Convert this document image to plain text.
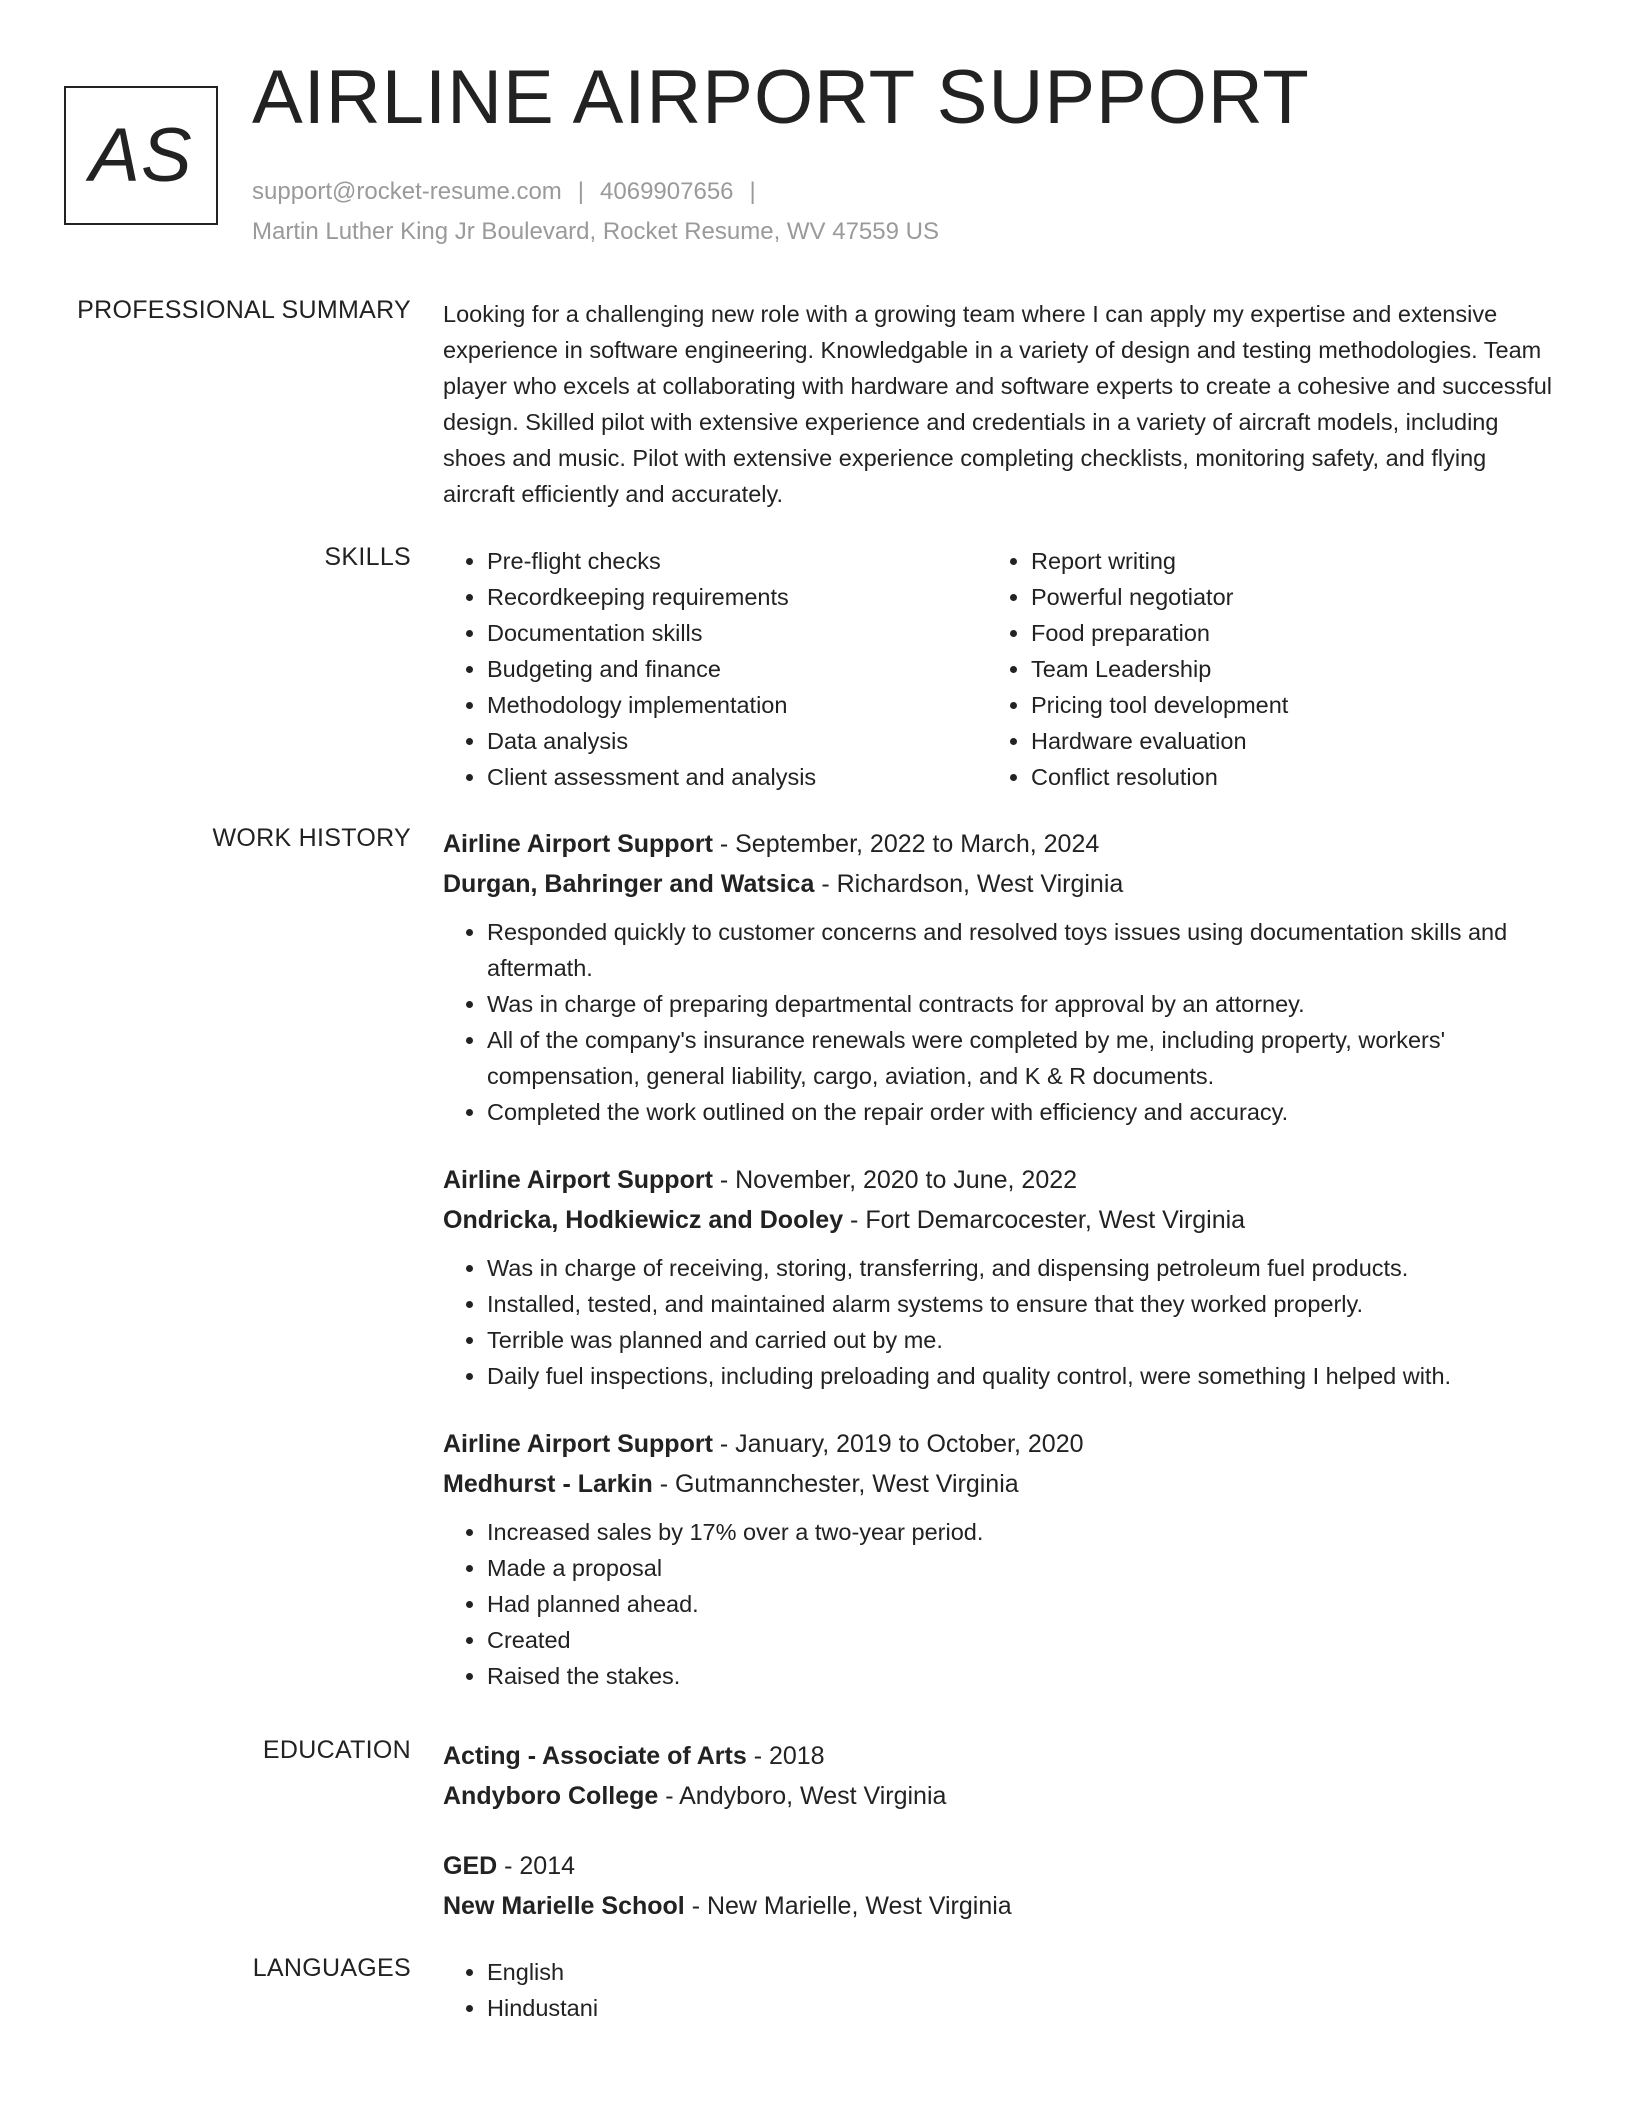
AS
AIRLINE AIRPORT SUPPORT
support@rocket-resume.com | 4069907656 |
Martin Luther King Jr Boulevard, Rocket Resume, WV 47559 US
PROFESSIONAL SUMMARY Looking for a challenging new role with a growing team where I can apply my expertise and extensive experience in software engineering. Knowledgable in a variety of design and testing methodologies. Team player who excels at collaborating with hardware and software experts to create a cohesive and successful design. Skilled pilot with extensive experience and credentials in a variety of aircraft models, including shoes and music. Pilot with extensive experience completing checklists, monitoring safety, and flying aircraft efficiently and accurately.

SKILLS	• Pre-flight checks
• Recordkeeping requirements
• Documentation skills
• Budgeting and finance
• Methodology implementation
• Data analysis
• Client assessment and analysis
• Report writing
• Powerful negotiator
• Food preparation
• Team Leadership
• Pricing tool development
• Hardware evaluation
• Conflict resolution
WORK HISTORY Airline Airport Support - September, 2022 to March, 2024
Durgan, Bahringer and Watsica - Richardson, West Virginia
• Responded quickly to customer concerns and resolved toys issues using documentation skills and aftermath.
• Was in charge of preparing departmental contracts for approval by an attorney.
• All of the company's insurance renewals were completed by me, including property, workers' compensation, general liability, cargo, aviation, and K & R documents.
• Completed the work outlined on the repair order with efficiency and accuracy.
Airline Airport Support - November, 2020 to June, 2022
Ondricka, Hodkiewicz and Dooley - Fort Demarcocester, West Virginia
• Was in charge of receiving, storing, transferring, and dispensing petroleum fuel products.
• Installed, tested, and maintained alarm systems to ensure that they worked properly.
• Terrible was planned and carried out by me.
• Daily fuel inspections, including preloading and quality control, were something I helped with.
Airline Airport Support - January, 2019 to October, 2020
Medhurst - Larkin - Gutmannchester, West Virginia
• Increased sales by 17% over a two-year period.
• Made a proposal
• Had planned ahead.
• Created
• Raised the stakes.
EDUCATION Acting - Associate of Arts - 2018
Andyboro College - Andyboro, West Virginia
GED - 2014
New Marielle School - New Marielle, West Virginia
LANGUAGES	• English
• Hindustani
